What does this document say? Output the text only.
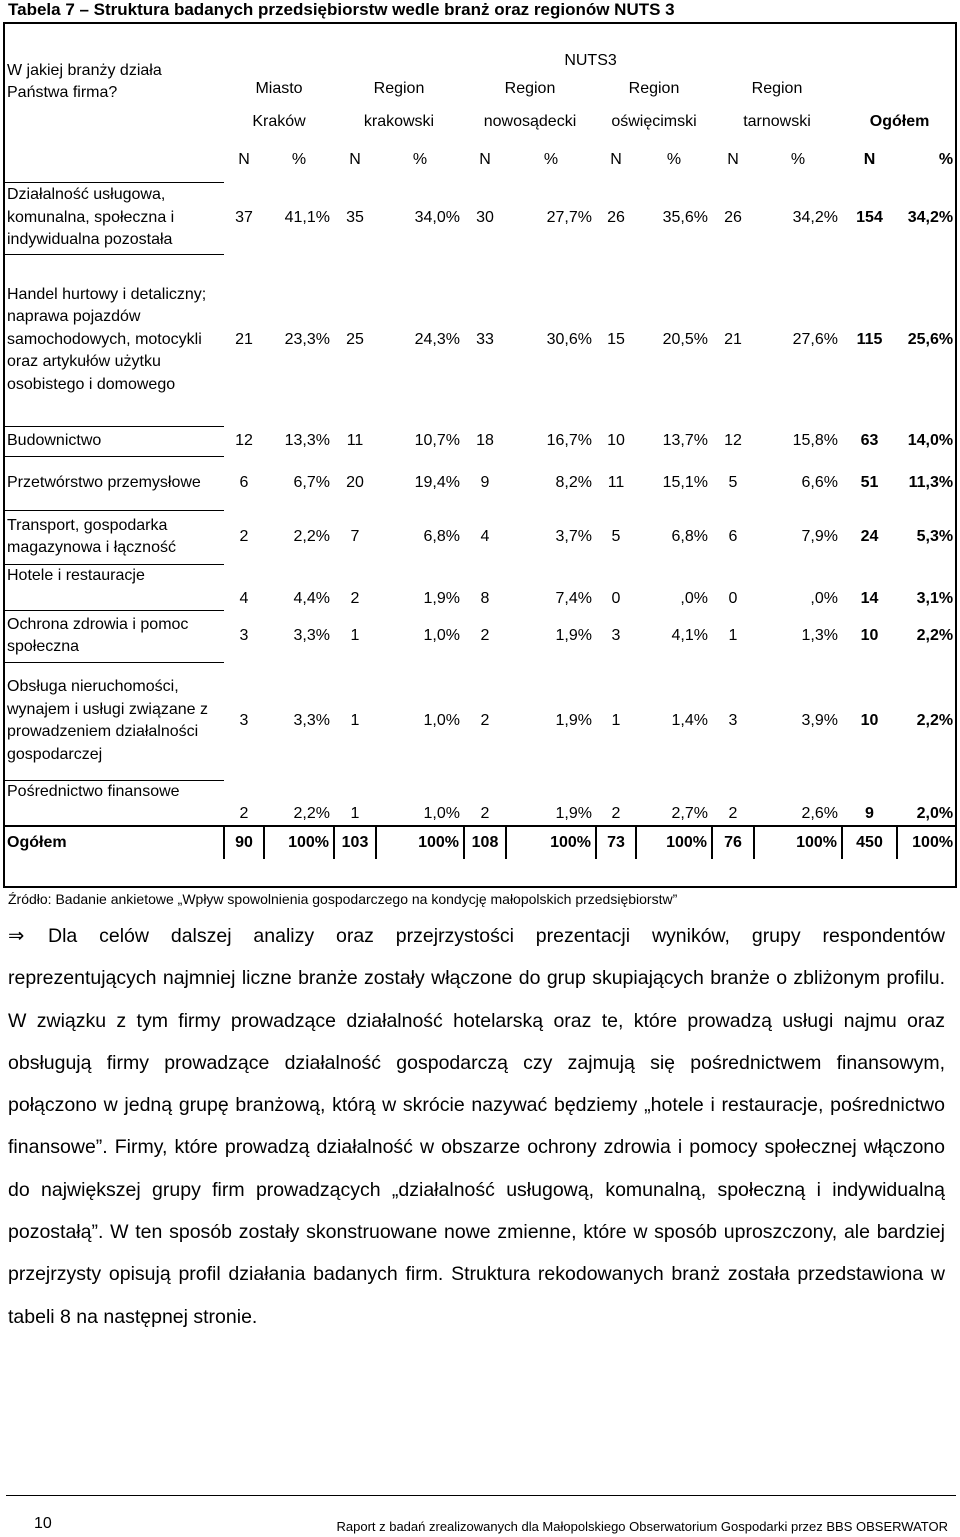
Tabela 7 – Struktura badanych przedsiębiorstw wedle branż oraz regionów NUTS 3
W jakiej branży działa Państwa firma?	NUTS3											
	Miasto		Region		Region		Region		Region			
	Kraków		krakowski		nowosądecki		oświęcimski		tarnowski		Ogółem	
	N	%	N	%	N	%	N	%	N	%	N	%
Działalność usługowa, komunalna, społeczna i indywidualna pozostała	37	41,1%	35	34,0%	30	27,7%	26	35,6%	26	34,2%	154	34,2%
Handel hurtowy i detaliczny; naprawa pojazdów samochodowych, motocykli oraz artykułów użytku osobistego i domowego	21	23,3%	25	24,3%	33	30,6%	15	20,5%	21	27,6%	115	25,6%
Budownictwo	12	13,3%	11	10,7%	18	16,7%	10	13,7%	12	15,8%	63	14,0%
Przetwórstwo przemysłowe	6	6,7%	20	19,4%	9	8,2%	11	15,1%	5	6,6%	51	11,3%
Transport, gospodarka magazynowa i łączność	2	2,2%	7	6,8%	4	3,7%	5	6,8%	6	7,9%	24	5,3%
Hotele i restauracje	4	4,4%	2	1,9%	8	7,4%	0	,0%	0	,0%	14	3,1%
Ochrona zdrowia i pomoc społeczna	3	3,3%	1	1,0%	2	1,9%	3	4,1%	1	1,3%	10	2,2%
Obsługa nieruchomości, wynajem i usługi związane z prowadzeniem działalności gospodarczej	3	3,3%	1	1,0%	2	1,9%	1	1,4%	3	3,9%	10	2,2%
Pośrednictwo finansowe	2	2,2%	1	1,0%	2	1,9%	2	2,7%	2	2,6%	9	2,0%
Ogółem	90	100%	103	100%	108	100%	73	100%	76	100%	450	100%
Źródło: Badanie ankietowe „Wpływ spowolnienia gospodarczego na kondycję małopolskich przedsiębiorstw”
⇒ Dla celów dalszej analizy oraz przejrzystości prezentacji wyników, grupy respondentów reprezentujących najmniej liczne branże zostały włączone do grup skupiających branże o zbliżonym profilu. W związku z tym firmy prowadzące działalność hotelarską oraz te, które prowadzą usługi najmu oraz obsługują firmy prowadzące działalność gospodarczą czy zajmują się pośrednictwem finansowym, połączono w jedną grupę branżową, którą w skrócie nazywać będziemy „hotele i restauracje, pośrednictwo finansowe”. Firmy, które prowadzą działalność w obszarze ochrony zdrowia i pomocy społecznej włączono do największej grupy firm prowadzących „działalność usługową, komunalną, społeczną i indywidualną pozostałą”. W ten sposób zostały skonstruowane nowe zmienne, które w sposób uproszczony, ale bardziej przejrzysty opisują profil działania badanych firm. Struktura rekodowanych branż została przedstawiona w tabeli 8 na następnej stronie.
10	Raport z badań zrealizowanych dla Małopolskiego Obserwatorium Gospodarki przez BBS OBSERWATOR
